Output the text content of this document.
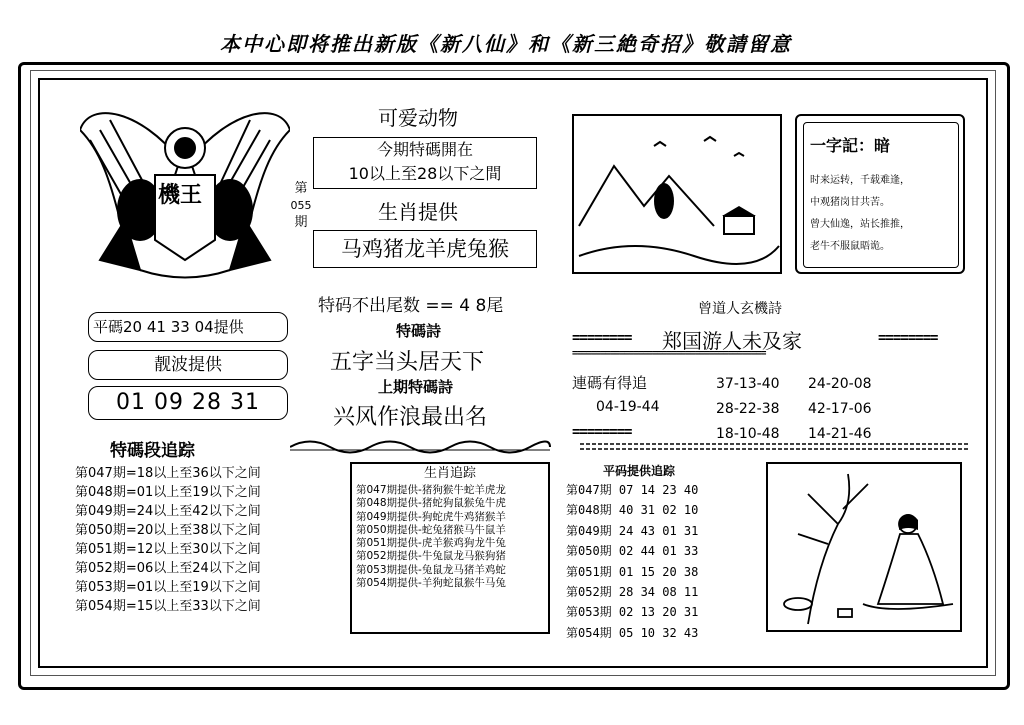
本中心即将推出新版《新八仙》和《新三絶奇招》敬請留意
機王	第
055
期
可爱动物
今期特碼開在
10以上至28以下之間
生肖提供
马鸡猪龙羊虎兔猴
特码不出尾数 == 4 8尾
特碼詩
五字当头居天下
上期特碼詩
兴风作浪最出名
平碼20 41 33 04提供
靓波提供
01 09 28 31
特碼段追踪
第047期=18以上至36以下之间
第048期=01以上至19以下之间
第049期=24以上至42以下之间
第050期=20以上至38以下之间
第051期=12以上至30以下之间
第052期=06以上至24以下之间
第053期=01以上至19以下之间
第054期=15以上至33以下之间
生肖追踪
第047期提供-猪狗猴牛蛇羊虎龙
第048期提供-猪蛇狗鼠猴兔牛虎
第049期提供-狗蛇虎牛鸡猪猴羊
第050期提供-蛇兔猪猴马牛鼠羊
第051期提供-虎羊猴鸡狗龙牛兔
第052期提供-牛兔鼠龙马猴狗猪
第053期提供-兔鼠龙马猪羊鸡蛇
第054期提供-羊狗蛇鼠猴牛马兔
平码提供追踪
第047期 07 14 23 40
第048期 40 31 02 10
第049期 24 43 01 31
第050期 02 44 01 33
第051期 01 15 20 38
第052期 28 34 08 11
第053期 02 13 20 31
第054期 05 10 32 43
一字記：暗
时来运转，千载难逢，
中观猪岗甘共苦。
曾大仙逸，站长推推，
老牛不服鼠晤诡。
曾道人玄機詩
======== 郑国游人未及家	========
=========================================
連碼有得追
04-19-44
========
37-13-40
28-22-38
18-10-48
24-20-08
42-17-06
14-21-46
